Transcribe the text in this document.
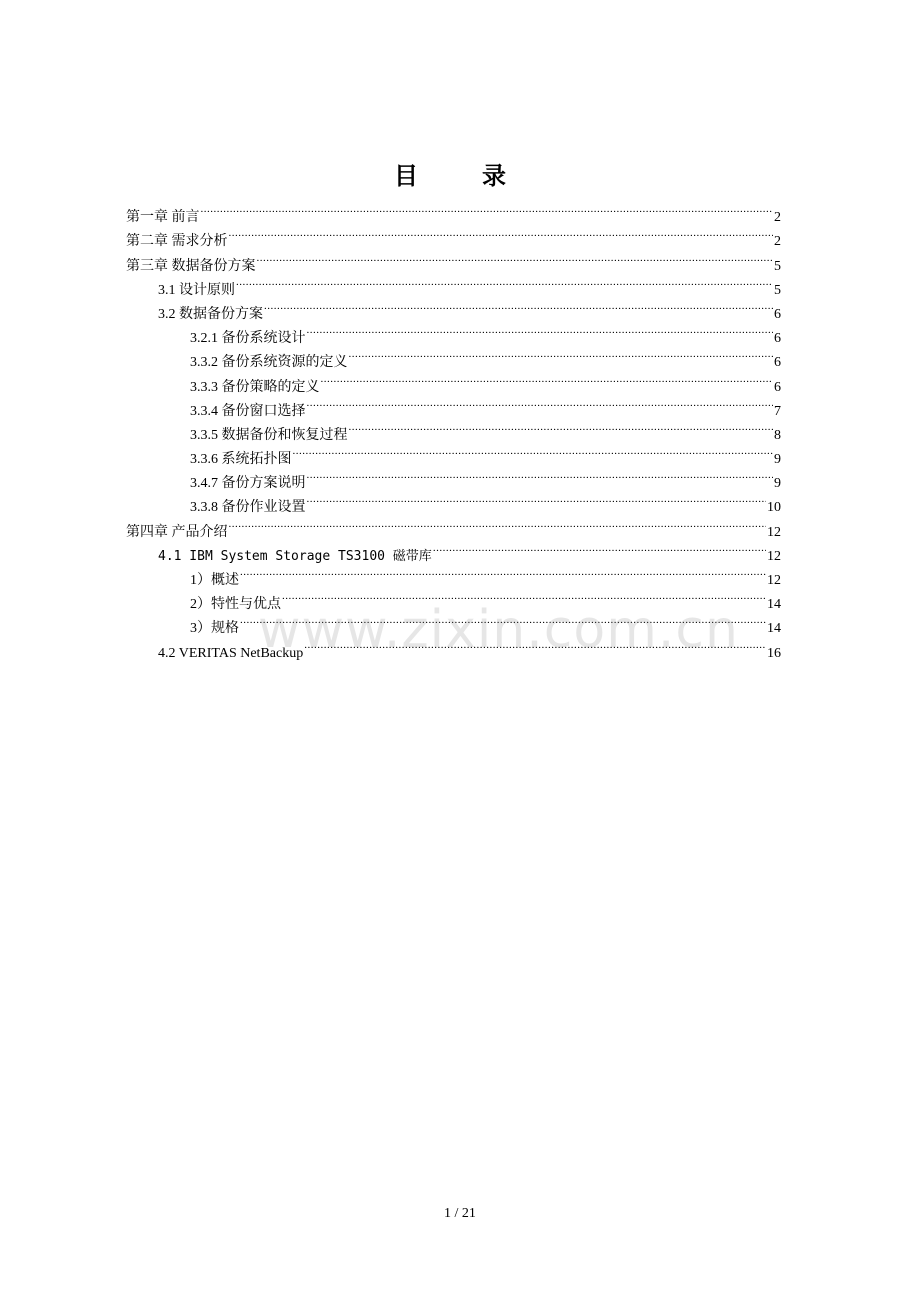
目　录
第一章 前言 .....	2
第二章 需求分析 .....	2
第三章 数据备份方案 .....	5
3.1 设计原则 .....	5
3.2 数据备份方案 .....	6
3.2.1 备份系统设计 .....	6
3.3.2 备份系统资源的定义 .....	6
3.3.3 备份策略的定义 .....	6
3.3.4 备份窗口选择 .....	7
3.3.5 数据备份和恢复过程 .....	8
3.3.6 系统拓扑图 .....	9
3.4.7 备份方案说明 .....	9
3.3.8 备份作业设置 .....	10
第四章 产品介绍 .....	12
4.1 IBM System Storage TS3100 磁带库 .....	12
1）概述 .....	12
2）特性与优点 .....	14
3）规格 .....	14
4.2 VERITAS NetBackup .....	16
www.zixin.com.cn
1 / 21
